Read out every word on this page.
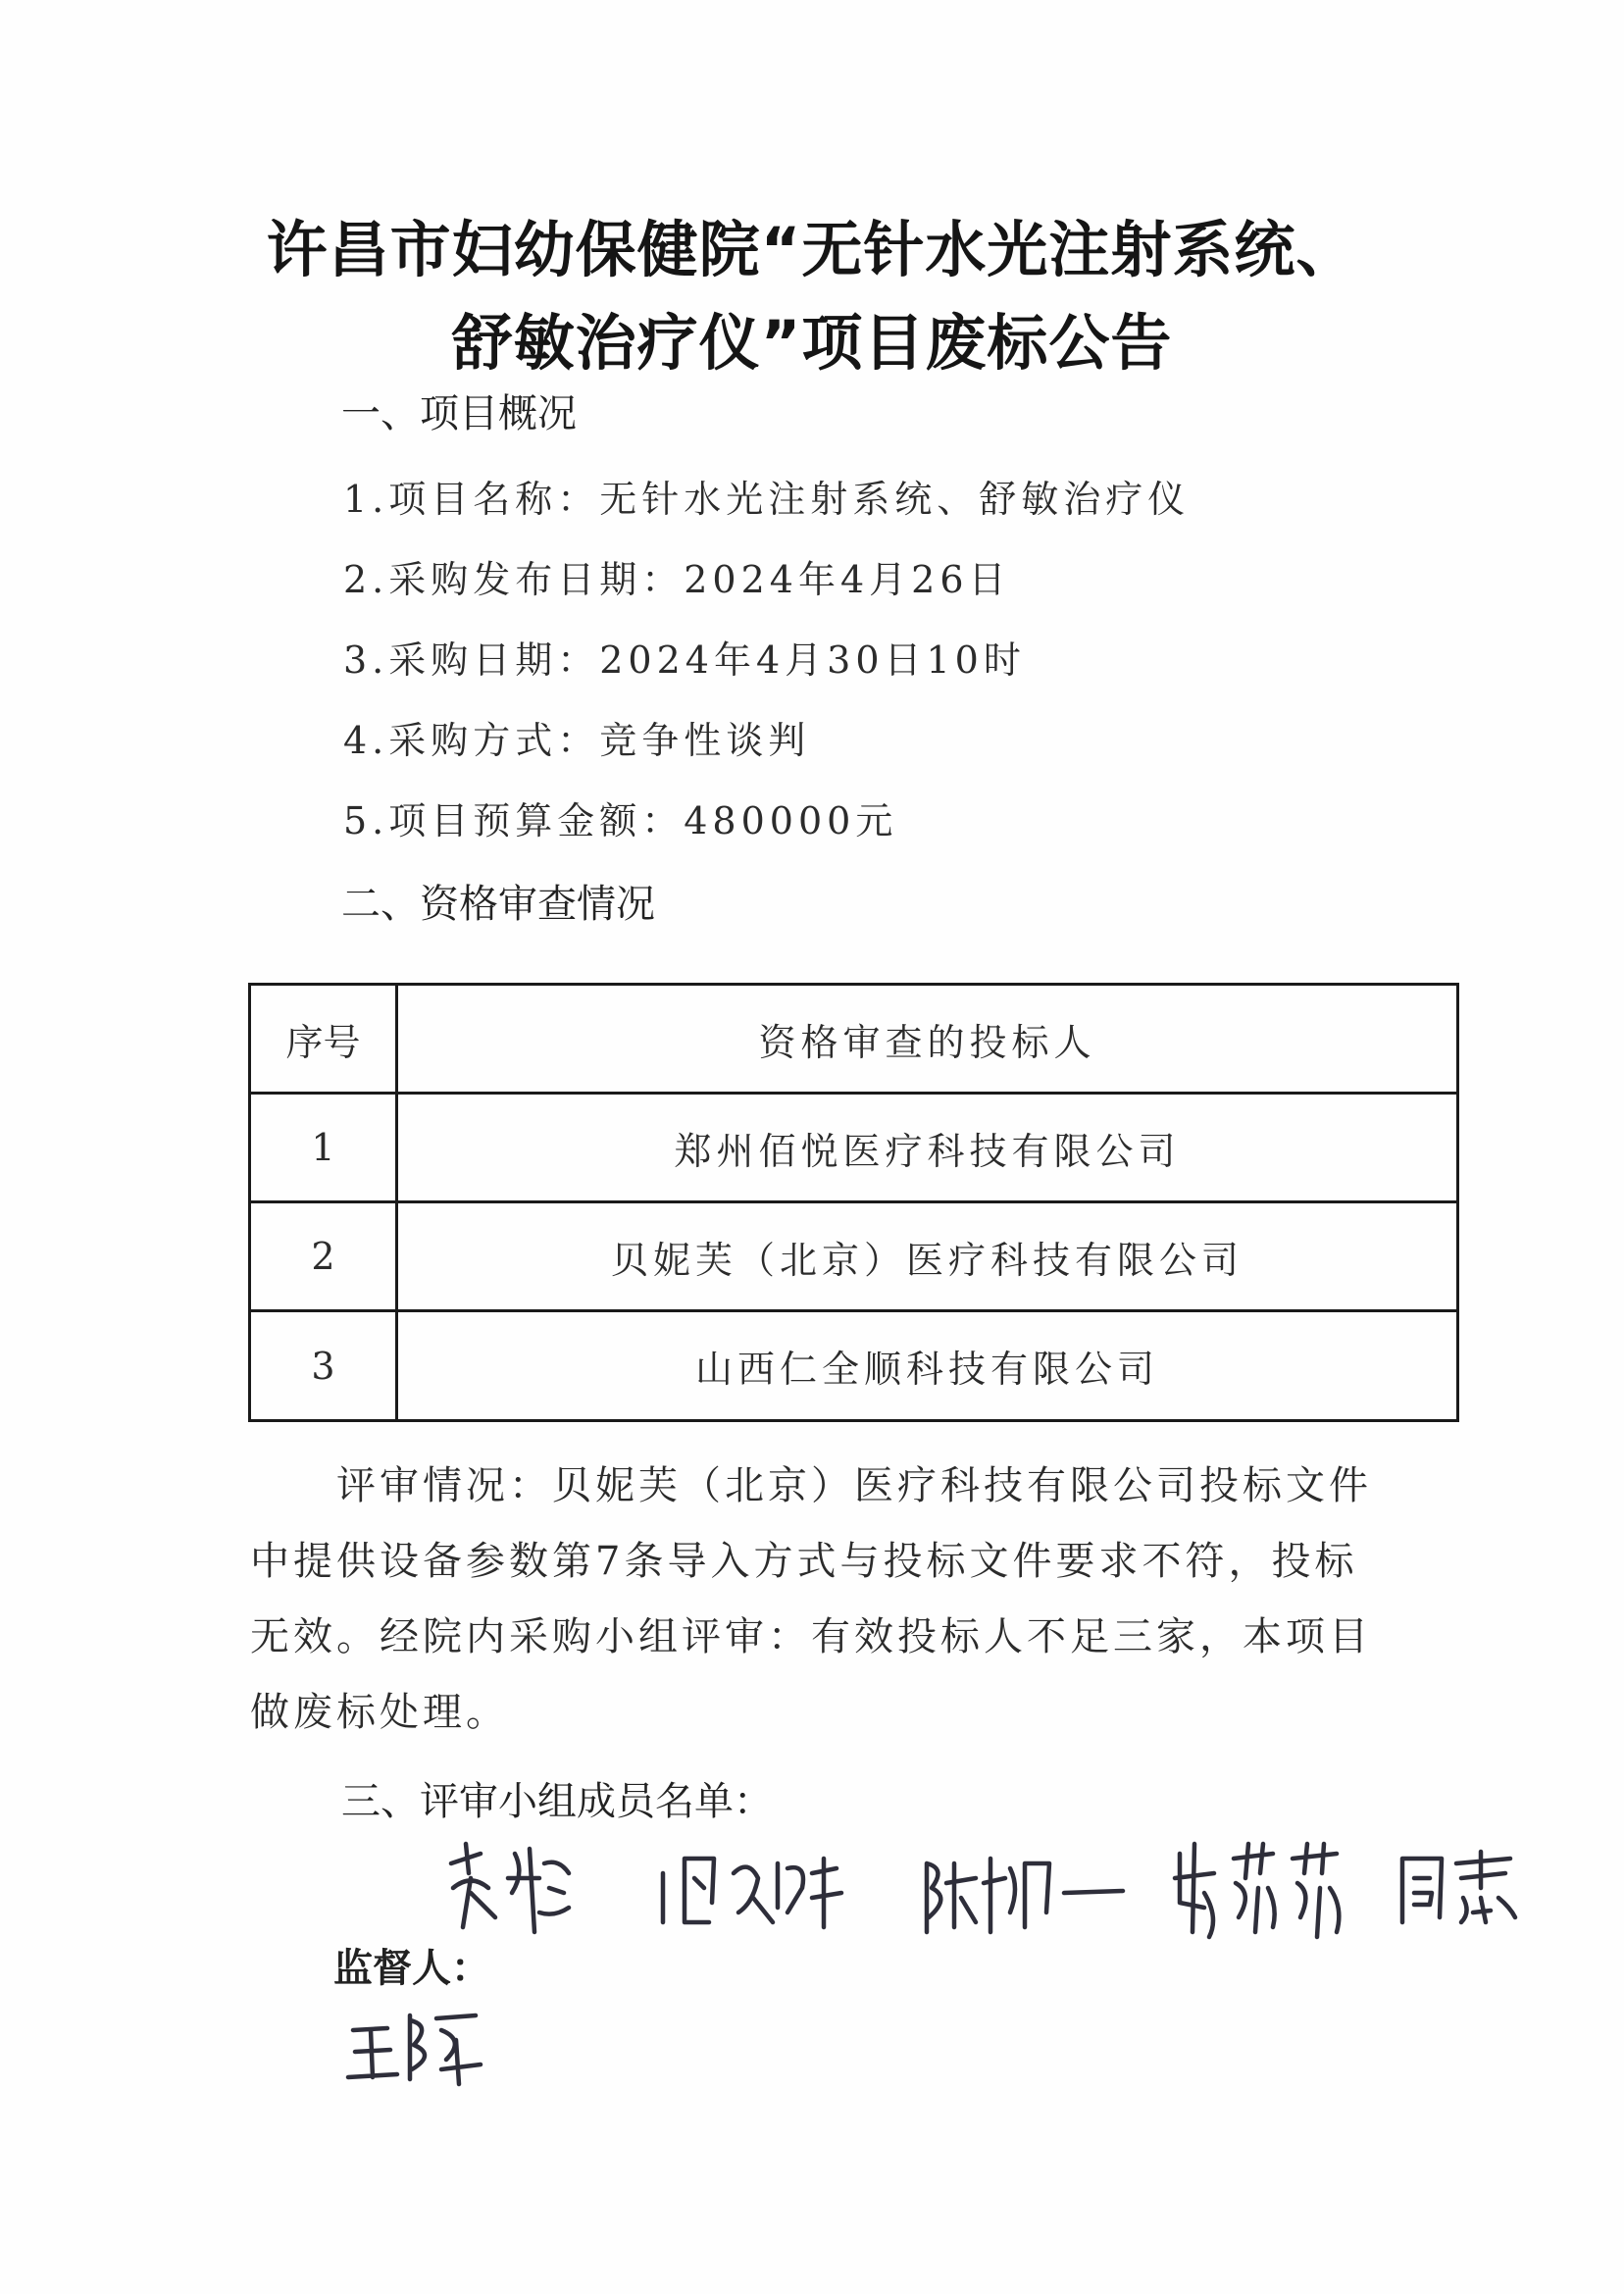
许昌市妇幼保健院“无针水光注射系统、
舒敏治疗仪”项目废标公告
一、项目概况
1.项目名称：无针水光注射系统、舒敏治疗仪
2.采购发布日期：2024年4月26日
3.采购日期：2024年4月30日10时
4.采购方式：竞争性谈判
5.项目预算金额：480000元
二、资格审查情况
序号	资格审查的投标人
1	郑州佰悦医疗科技有限公司
2	贝妮芙（北京）医疗科技有限公司
3	山西仁全顺科技有限公司
　　评审情况：贝妮芙（北京）医疗科技有限公司投标文件
中提供设备参数第7条导入方式与投标文件要求不符，投标
无效。经院内采购小组评审：有效投标人不足三家，本项目
做废标处理。
三、评审小组成员名单：
监督人：
